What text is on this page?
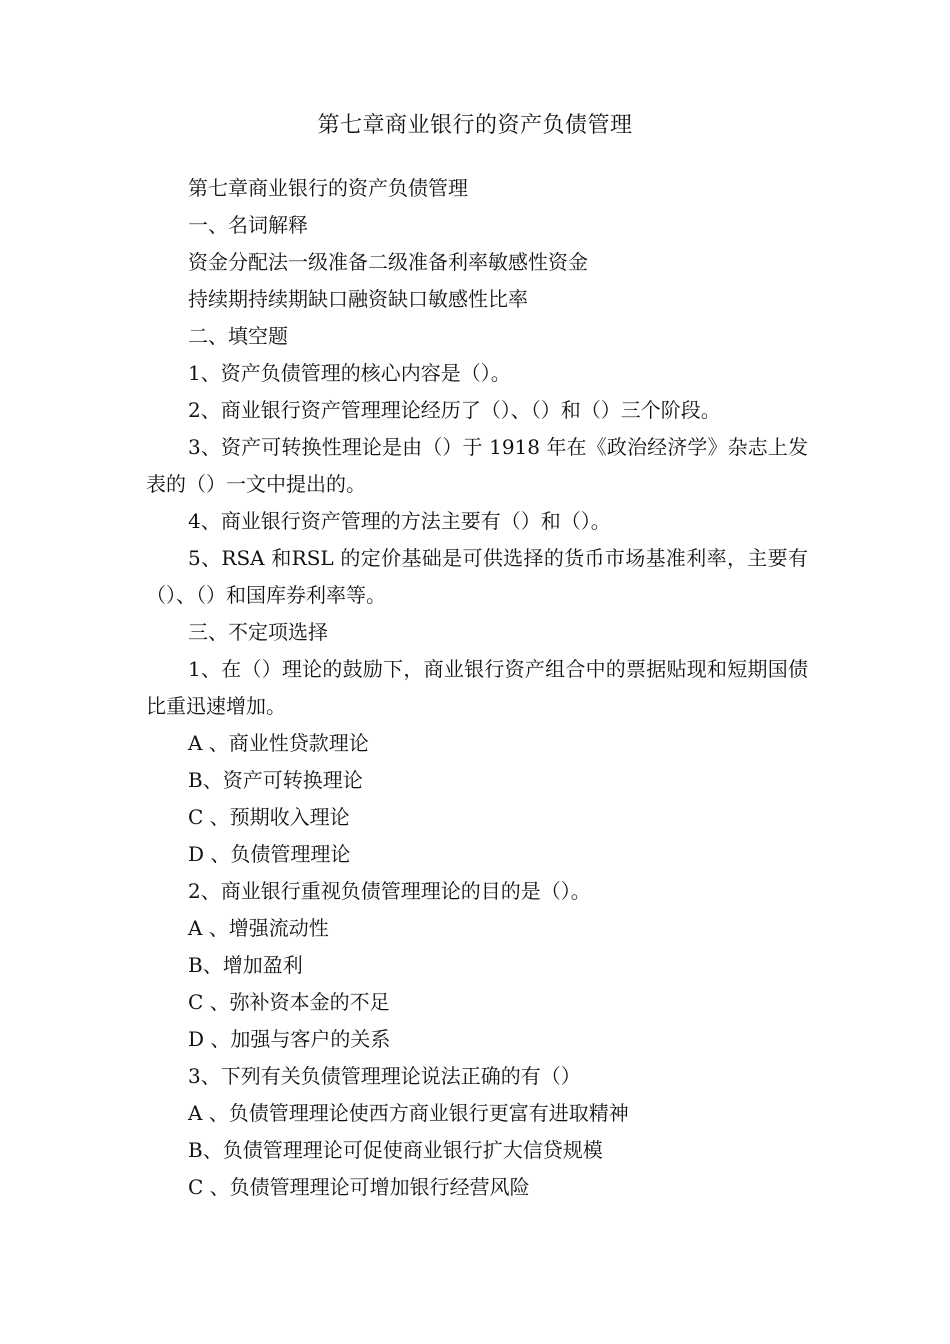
第七章商业银行的资产负债管理

第七章商业银行的资产负债管理

一、名词解释

资金分配法一级准备二级准备利率敏感性资金

持续期持续期缺口融资缺口敏感性比率

二、填空题

1、资产负债管理的核心内容是（）。

2、商业银行资产管理理论经历了（）、（）和（）三个阶段。

3、资产可转换性理论是由（）于 1918 年在《政治经济学》杂志上发表的（）一文中提出的。

4、商业银行资产管理的方法主要有（）和（）。

5、RSA 和RSL 的定价基础是可供选择的货币市场基准利率，主要有（）、（）和国库券利率等。

三、不定项选择

1、在（）理论的鼓励下，商业银行资产组合中的票据贴现和短期国债比重迅速增加。

A 、商业性贷款理论

B、资产可转换理论

C 、预期收入理论

D 、负债管理理论

2、商业银行重视负债管理理论的目的是（）。

A 、增强流动性

B、增加盈利

C 、弥补资本金的不足

D 、加强与客户的关系

3、下列有关负债管理理论说法正确的有（）

A 、负债管理理论使西方商业银行更富有进取精神

B、负债管理理论可促使商业银行扩大信贷规模

C 、负债管理理论可增加银行经营风险
